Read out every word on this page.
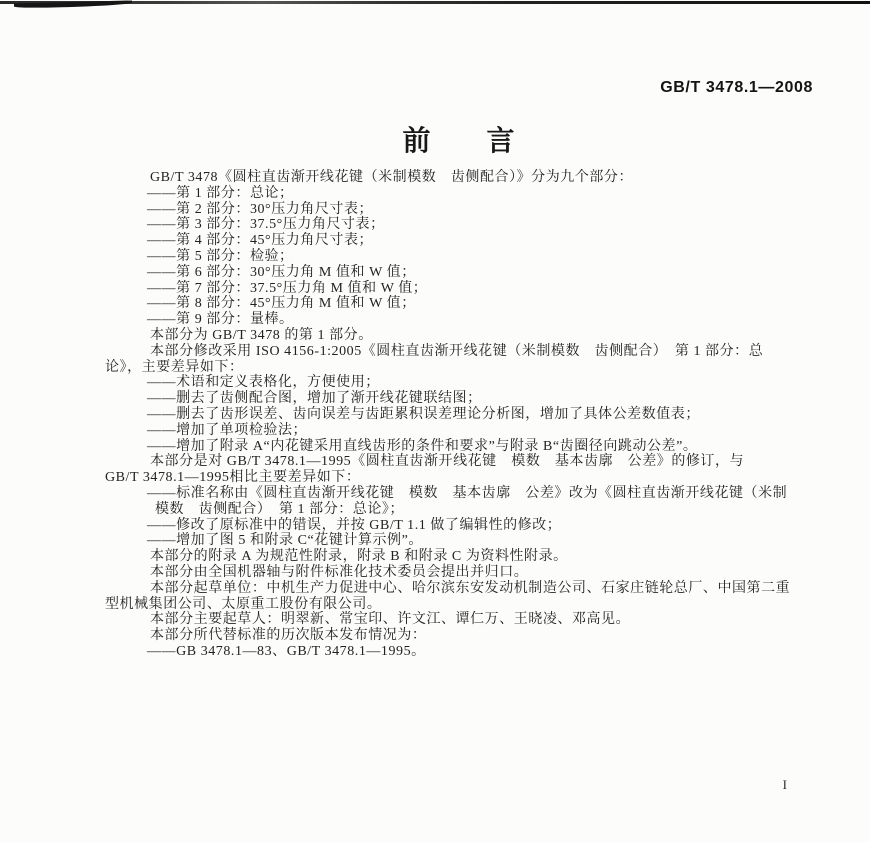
GB/T 3478.1—2008
前　　言
GB/T 3478《圆柱直齿渐开线花键（米制模数　齿侧配合）》分为九个部分：
——第 1 部分：总论；
——第 2 部分：30°压力角尺寸表；
——第 3 部分：37.5°压力角尺寸表；
——第 4 部分：45°压力角尺寸表；
——第 5 部分：检验；
——第 6 部分：30°压力角 M 值和 W 值；
——第 7 部分：37.5°压力角 M 值和 W 值；
——第 8 部分：45°压力角 M 值和 W 值；
——第 9 部分：量棒。
本部分为 GB/T 3478 的第 1 部分。
本部分修改采用 ISO 4156-1:2005《圆柱直齿渐开线花键（米制模数　齿侧配合）　第 1 部分：总
论》，主要差异如下：
——术语和定义表格化，方便使用；
——删去了齿侧配合图，增加了渐开线花键联结图；
——删去了齿形误差、齿向误差与齿距累积误差理论分析图，增加了具体公差数值表；
——增加了单项检验法；
——增加了附录 A“内花键采用直线齿形的条件和要求”与附录 B“齿圈径向跳动公差”。
本部分是对 GB/T 3478.1—1995《圆柱直齿渐开线花键　模数　基本齿廓　公差》的修订，与
GB/T 3478.1—1995相比主要差异如下：
——标准名称由《圆柱直齿渐开线花键　模数　基本齿廓　公差》改为《圆柱直齿渐开线花键（米制
模数　齿侧配合）　第 1 部分：总论》；
——修改了原标准中的错误，并按 GB/T 1.1 做了编辑性的修改；
——增加了图 5 和附录 C“花键计算示例”。
本部分的附录 A 为规范性附录，附录 B 和附录 C 为资料性附录。
本部分由全国机器轴与附件标准化技术委员会提出并归口。
本部分起草单位：中机生产力促进中心、哈尔滨东安发动机制造公司、石家庄链轮总厂、中国第二重
型机械集团公司、太原重工股份有限公司。
本部分主要起草人：明翠新、常宝印、许文江、谭仁万、王晓凌、邓高见。
本部分所代替标准的历次版本发布情况为：
——GB 3478.1—83、GB/T 3478.1—1995。
I
